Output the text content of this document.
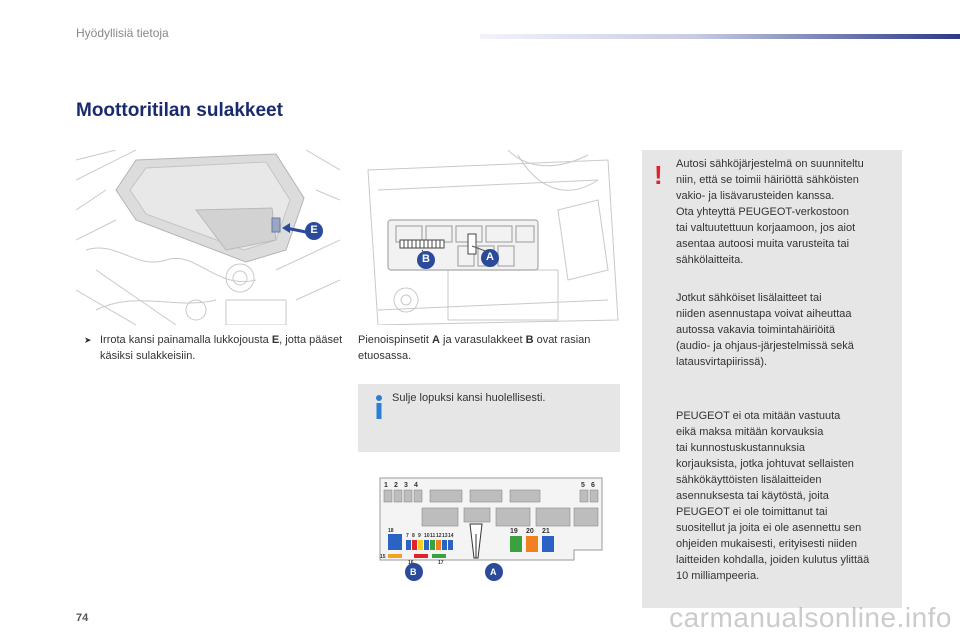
Hyödyllisiä tietoja
Moottoritilan sulakkeet
E
B	A
➤ Irrota kansi painamalla lukkojousta E, jotta pääset käsiksi sulakkeisiin.
Pienoispinsetit A ja varasulakkeet B ovat rasian etuosassa.
Sulje lopuksi kansi huolellisesti.
1 2 3 4	5 6
7 8 9 10 11 12 13 14
15
16	17
18	19 20 21
B	A
! Autosi sähköjärjestelmä on suunniteltu
niin, että se toimii häiriöttä sähköisten
vakio- ja lisävarusteiden kanssa.
Ota yhteyttä PEUGEOT-verkostoon
tai valtuutettuun korjaamoon, jos aiot
asentaa autoosi muita varusteita tai
sähkölaitteita.

Jotkut sähköiset lisälaitteet tai
niiden asennustapa voivat aiheuttaa
autossa vakavia toimintahäiriöitä
(audio- ja ohjaus-järjestelmissä sekä
latausvirtapiirissä).

PEUGEOT ei ota mitään vastuuta
eikä maksa mitään korvauksia
tai kunnostuskustannuksia
korjauksista, jotka johtuvat sellaisten
sähkökäyttöisten lisälaitteiden
asennuksesta tai käytöstä, joita
PEUGEOT ei ole toimittanut tai
suositellut ja joita ei ole asennettu sen
ohjeiden mukaisesti, erityisesti niiden
laitteiden kohdalla, joiden kulutus ylittää
10 milliampeeria.

74	carmanualsonline.info
